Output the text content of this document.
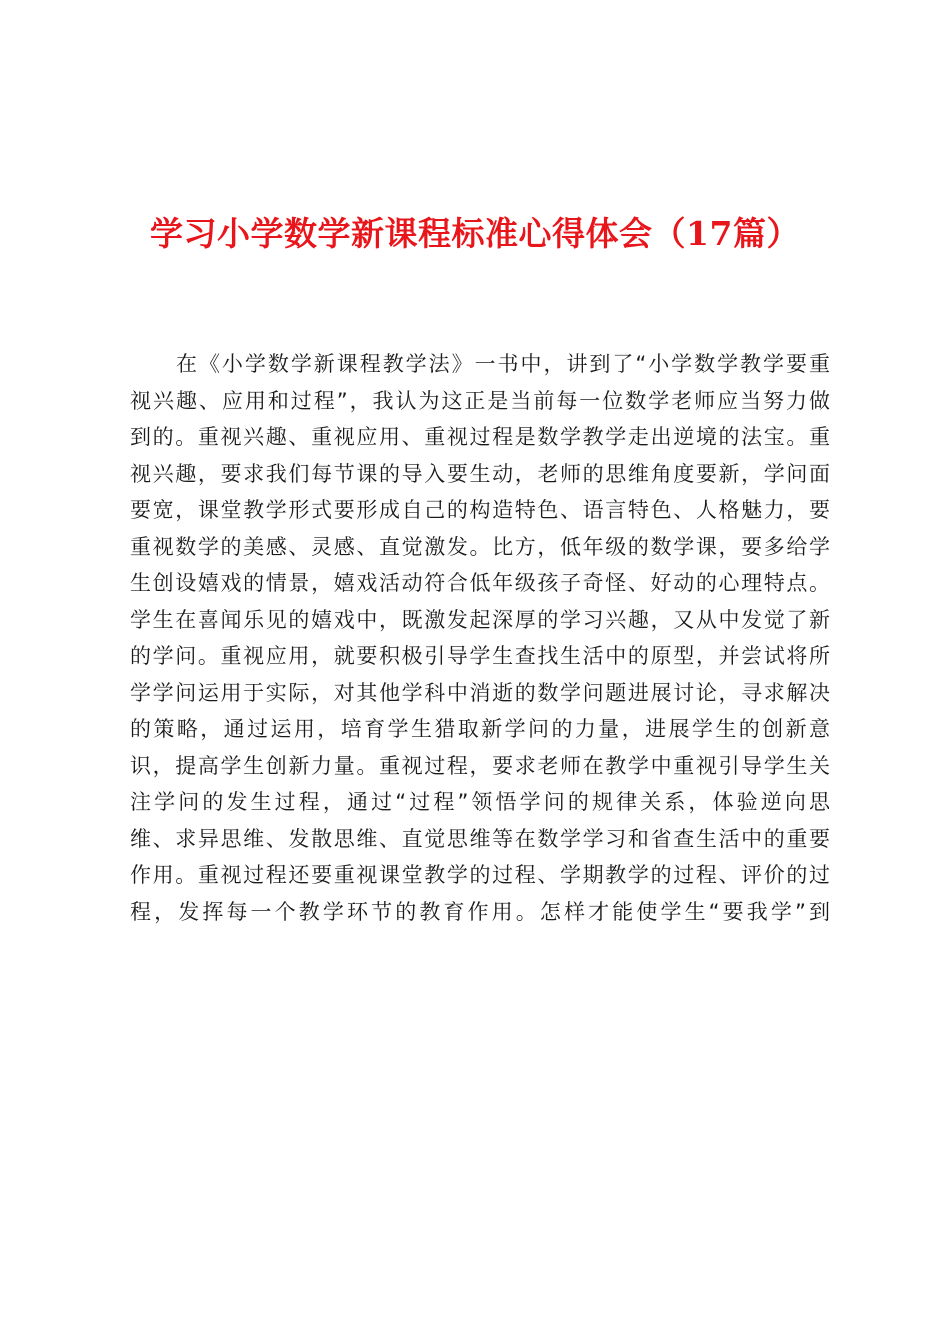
学习小学数学新课程标准心得体会（17篇）
在《小学数学新课程教学法》一书中，讲到了“小学数学教学要重
视兴趣、应用和过程”，我认为这正是当前每一位数学老师应当努力做
到的。重视兴趣、重视应用、重视过程是数学教学走出逆境的法宝。重
视兴趣，要求我们每节课的导入要生动，老师的思维角度要新，学问面
要宽，课堂教学形式要形成自己的构造特色、语言特色、人格魅力，要
重视数学的美感、灵感、直觉激发。比方，低年级的数学课，要多给学
生创设嬉戏的情景，嬉戏活动符合低年级孩子奇怪、好动的心理特点。
学生在喜闻乐见的嬉戏中，既激发起深厚的学习兴趣，又从中发觉了新
的学问。重视应用，就要积极引导学生查找生活中的原型，并尝试将所
学学问运用于实际，对其他学科中消逝的数学问题进展讨论，寻求解决
的策略，通过运用，培育学生猎取新学问的力量，进展学生的创新意
识，提高学生创新力量。重视过程，要求老师在教学中重视引导学生关
注学问的发生过程，通过“过程”领悟学问的规律关系，体验逆向思
维、求异思维、发散思维、直觉思维等在数学学习和省查生活中的重要
作用。重视过程还要重视课堂教学的过程、学期教学的过程、评价的过
程，发挥每一个教学环节的教育作用。怎样才能使学生“要我学”到
